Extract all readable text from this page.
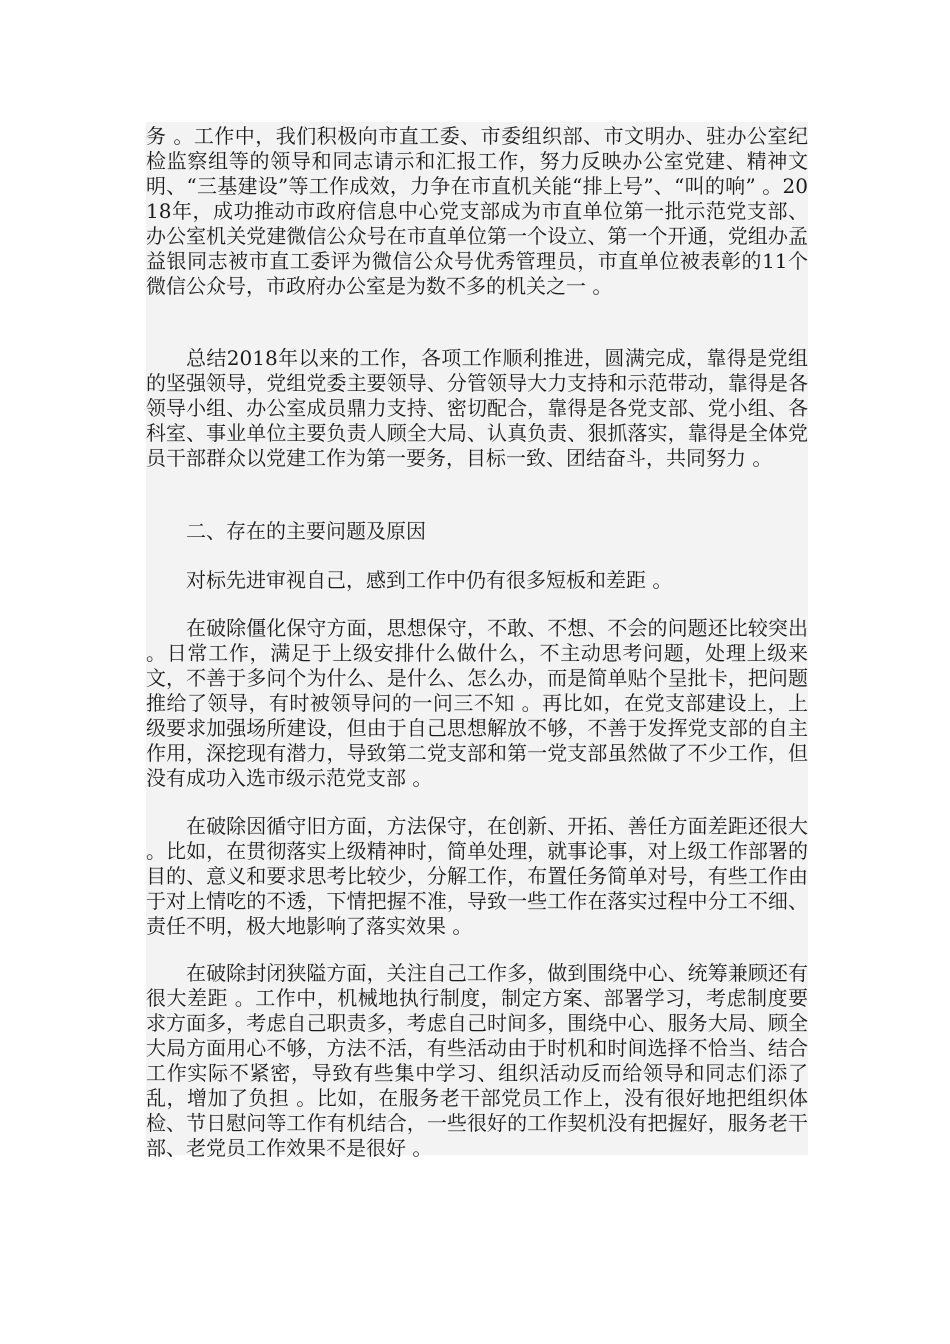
务 。工作中，我们积极向市直工委、市委组织部、市文明办、驻办公室纪检监察组等的领导和同志请示和汇报工作，努力反映办公室党建、精神文明、“三基建设”等工作成效，力争在市直机关能“排上号”、“叫的响” 。2018年，成功推动市政府信息中心党支部成为市直单位第一批示范党支部、办公室机关党建微信公众号在市直单位第一个设立、第一个开通，党组办孟益银同志被市直工委评为微信公众号优秀管理员，市直单位被表彰的11个微信公众号，市政府办公室是为数不多的机关之一 。

总结2018年以来的工作，各项工作顺利推进，圆满完成，靠得是党组的坚强领导，党组党委主要领导、分管领导大力支持和示范带动，靠得是各领导小组、办公室成员鼎力支持、密切配合，靠得是各党支部、党小组、各科室、事业单位主要负责人顾全大局、认真负责、狠抓落实，靠得是全体党员干部群众以党建工作为第一要务，目标一致、团结奋斗，共同努力 。

二、存在的主要问题及原因

对标先进审视自己，感到工作中仍有很多短板和差距 。

在破除僵化保守方面，思想保守，不敢、不想、不会的问题还比较突出 。日常工作，满足于上级安排什么做什么，不主动思考问题，处理上级来文，不善于多问个为什么、是什么、怎么办，而是简单贴个呈批卡，把问题推给了领导，有时被领导问的一问三不知 。再比如，在党支部建设上，上级要求加强场所建设，但由于自己思想解放不够，不善于发挥党支部的自主作用，深挖现有潜力，导致第二党支部和第一党支部虽然做了不少工作，但没有成功入选市级示范党支部 。

在破除因循守旧方面，方法保守，在创新、开拓、善任方面差距还很大 。比如，在贯彻落实上级精神时，简单处理，就事论事，对上级工作部署的目的、意义和要求思考比较少，分解工作，布置任务简单对号，有些工作由于对上情吃的不透，下情把握不准，导致一些工作在落实过程中分工不细、责任不明，极大地影响了落实效果 。

在破除封闭狭隘方面，关注自己工作多，做到围绕中心、统筹兼顾还有很大差距 。工作中，机械地执行制度，制定方案、部署学习，考虑制度要求方面多，考虑自己职责多，考虑自己时间多，围绕中心、服务大局、顾全大局方面用心不够，方法不活，有些活动由于时机和时间选择不恰当、结合工作实际不紧密，导致有些集中学习、组织活动反而给领导和同志们添了乱，增加了负担 。比如，在服务老干部党员工作上，没有很好地把组织体检、节日慰问等工作有机结合，一些很好的工作契机没有把握好，服务老干部、老党员工作效果不是很好 。
